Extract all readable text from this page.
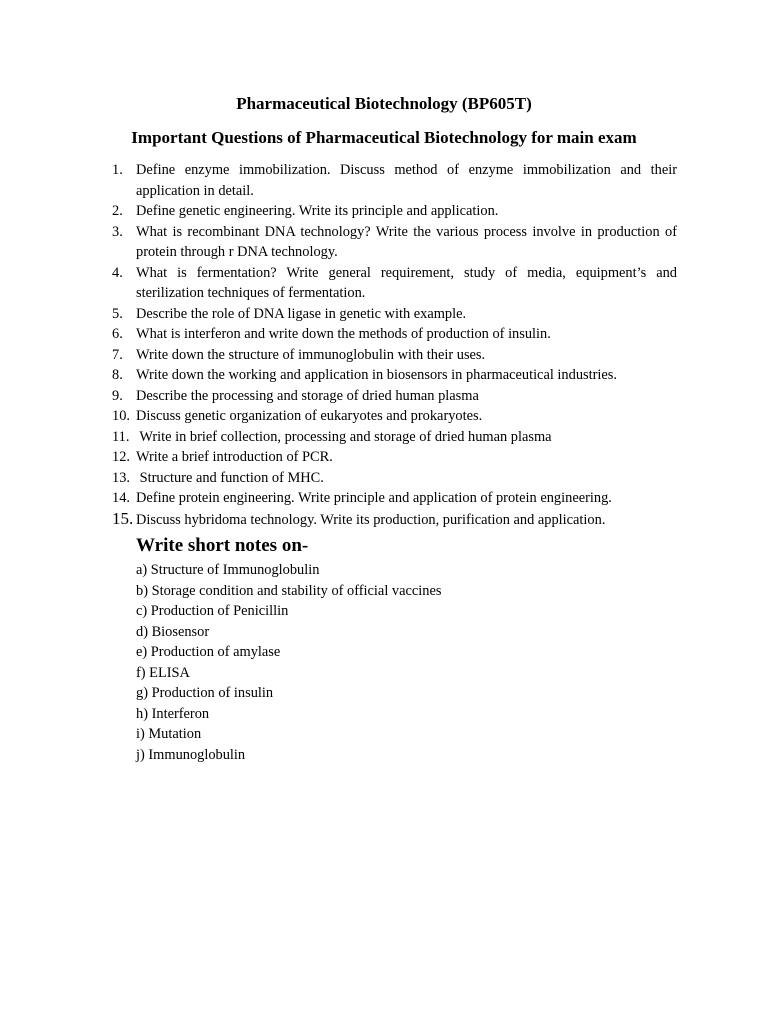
Pharmaceutical Biotechnology (BP605T)
Important Questions of Pharmaceutical Biotechnology for main exam
1. Define enzyme immobilization. Discuss method of enzyme immobilization and their application in detail.
2. Define genetic engineering. Write its principle and application.
3. What is recombinant DNA technology? Write the various process involve in production of protein through r DNA technology.
4. What is fermentation? Write general requirement, study of media, equipment’s and sterilization techniques of fermentation.
5. Describe the role of DNA ligase in genetic with example.
6. What is interferon and write down the methods of production of insulin.
7. Write down the structure of immunoglobulin with their uses.
8. Write down the working and application in biosensors in pharmaceutical industries.
9. Describe the processing and storage of dried human plasma
10. Discuss genetic organization of eukaryotes and prokaryotes.
11. Write in brief collection, processing and storage of dried human plasma
12. Write a brief introduction of PCR.
13. Structure and function of MHC.
14. Define protein engineering. Write principle and application of protein engineering.
15. Discuss hybridoma technology. Write its production, purification and application.
Write short notes on-
a) Structure of Immunoglobulin
b) Storage condition and stability of official vaccines
c) Production of Penicillin
d) Biosensor
e) Production of amylase
f) ELISA
g) Production of insulin
h) Interferon
i) Mutation
j) Immunoglobulin
